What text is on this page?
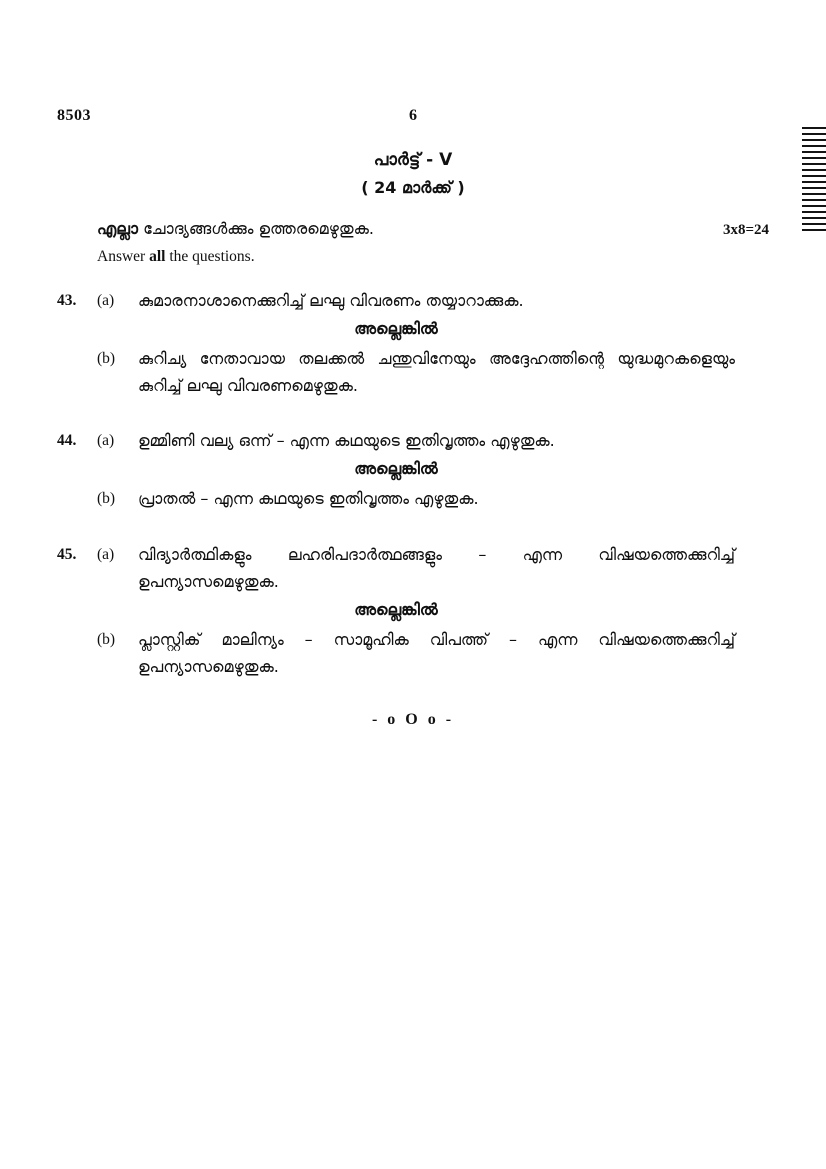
8503	6
പാർട്ട് - V
( 24 മാർക്ക് )
എല്ലാ ചോദ്യങ്ങൾക്കും ഉത്തരമെഴുതുക.	3x8=24
Answer all the questions.
43.	(a)	കുമാരനാശാനെക്കുറിച്ച് ലഘു വിവരണം തയ്യാറാക്കുക.
അല്ലെങ്കിൽ
(b)	കുറിച്യ നേതാവായ തലക്കൽ ചന്തുവിനേയും അദ്ദേഹത്തിന്റെ യുദ്ധമുറകളെയും കുറിച്ച് ലഘു വിവരണമെഴുതുക.
44.	(a)	ഉമ്മിണി വല്യ ഒന്ന് – എന്ന കഥയുടെ ഇതിവൃത്തം എഴുതുക.
അല്ലെങ്കിൽ
(b)	പ്രാതൽ – എന്ന കഥയുടെ ഇതിവൃത്തം എഴുതുക.
45.	(a)	വിദ്യാർത്ഥികളും ലഹരിപദാർത്ഥങ്ങളും – എന്ന വിഷയത്തെക്കുറിച്ച് ഉപന്യാസമെഴുതുക.
അല്ലെങ്കിൽ
(b)	പ്ലാസ്റ്റിക് മാലിന്യം – സാമൂഹിക വിപത്ത് – എന്ന വിഷയത്തെക്കുറിച്ച് ഉപന്യാസമെഴുതുക.
- o O o -
